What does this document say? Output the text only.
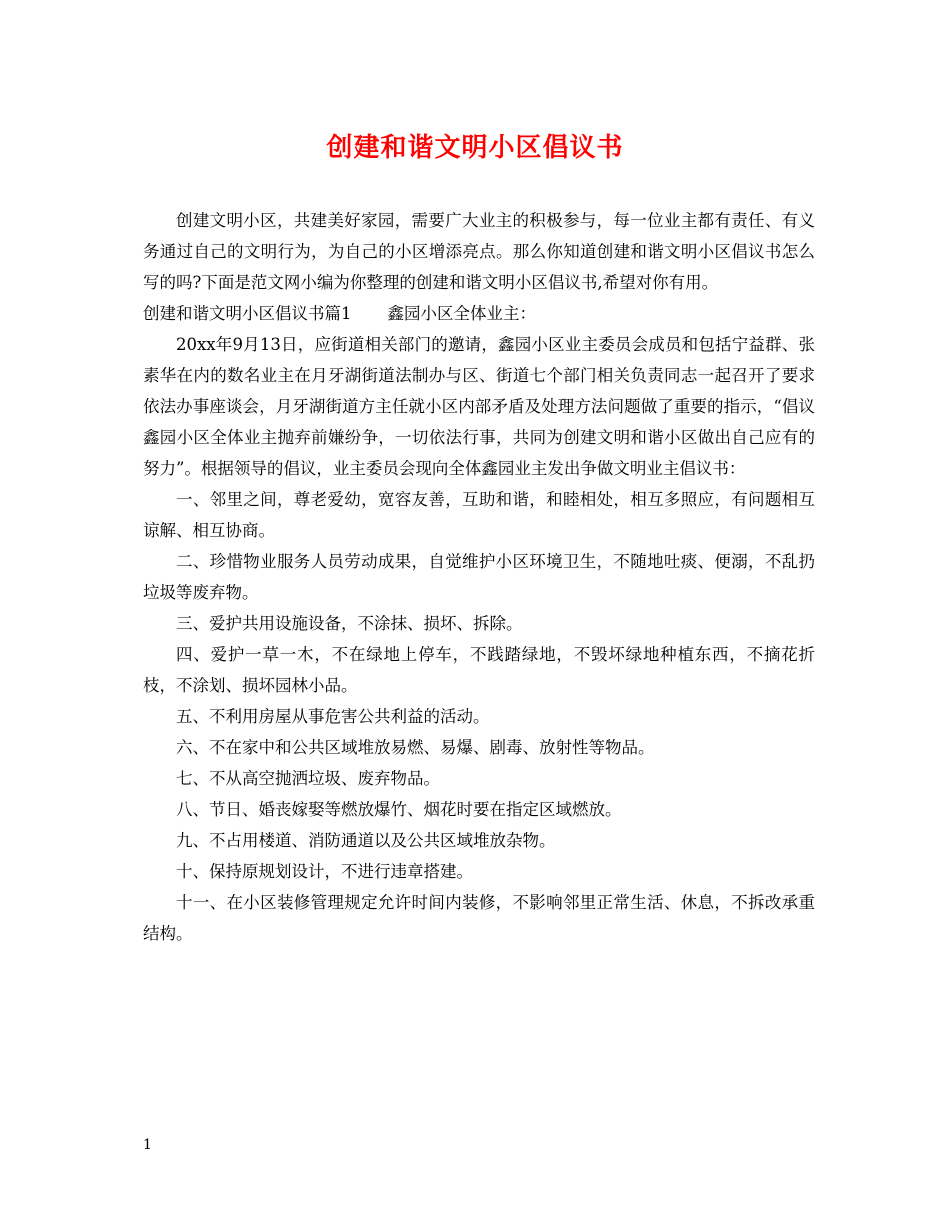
创建和谐文明小区倡议书

创建文明小区，共建美好家园，需要广大业主的积极参与，每一位业主都有责任、有义务通过自己的文明行为，为自己的小区增添亮点。那么你知道创建和谐文明小区倡议书怎么写的吗?下面是范文网小编为你整理的创建和谐文明小区倡议书,希望对你有用。

创建和谐文明小区倡议书篇1 鑫园小区全体业主：

20xx年9月13日，应街道相关部门的邀请，鑫园小区业主委员会成员和包括宁益群、张素华在内的数名业主在月牙湖街道法制办与区、街道七个部门相关负责同志一起召开了要求依法办事座谈会，月牙湖街道方主任就小区内部矛盾及处理方法问题做了重要的指示，“倡议鑫园小区全体业主抛弃前嫌纷争，一切依法行事，共同为创建文明和谐小区做出自己应有的努力”。根据领导的倡议，业主委员会现向全体鑫园业主发出争做文明业主倡议书：

一、邻里之间，尊老爱幼，宽容友善，互助和谐，和睦相处，相互多照应，有问题相互谅解、相互协商。

二、珍惜物业服务人员劳动成果，自觉维护小区环境卫生，不随地吐痰、便溺，不乱扔垃圾等废弃物。

三、爱护共用设施设备，不涂抹、损坏、拆除。

四、爱护一草一木，不在绿地上停车，不践踏绿地，不毁坏绿地种植东西，不摘花折枝，不涂划、损坏园林小品。

五、不利用房屋从事危害公共利益的活动。

六、不在家中和公共区域堆放易燃、易爆、剧毒、放射性等物品。

七、不从高空抛洒垃圾、废弃物品。

八、节日、婚丧嫁娶等燃放爆竹、烟花时要在指定区域燃放。

九、不占用楼道、消防通道以及公共区域堆放杂物。

十、保持原规划设计，不进行违章搭建。

十一、在小区装修管理规定允许时间内装修，不影响邻里正常生活、休息，不拆改承重结构。

1
